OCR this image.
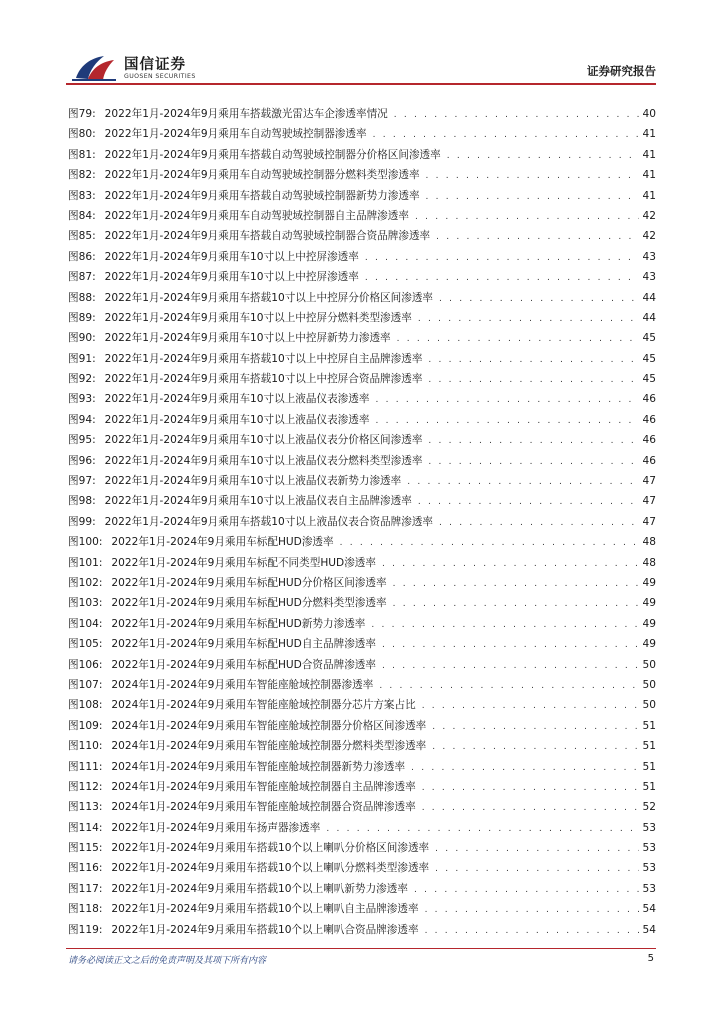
国信证券
GUOSEN SECURITIES	证券研究报告
图79: 2022年1月-2024年9月乘用车搭载激光雷达车企渗透率情况 . . .	40
图80: 2022年1月-2024年9月乘用车自动驾驶域控制器渗透率 . . .	41
图81: 2022年1月-2024年9月乘用车搭载自动驾驶域控制器分价格区间渗透率 . . .	41
图82: 2022年1月-2024年9月乘用车自动驾驶域控制器分燃料类型渗透率 . . .	41
图83: 2022年1月-2024年9月乘用车搭载自动驾驶域控制器新势力渗透率 . . .	41
图84: 2022年1月-2024年9月乘用车自动驾驶域控制器自主品牌渗透率 . . .	42
图85: 2022年1月-2024年9月乘用车搭载自动驾驶域控制器合资品牌渗透率 . . .	42
图86: 2022年1月-2024年9月乘用车10寸以上中控屏渗透率 . . .	43
图87: 2022年1月-2024年9月乘用车10寸以上中控屏渗透率 . . .	43
图88: 2022年1月-2024年9月乘用车搭载10寸以上中控屏分价格区间渗透率 . . .	44
图89: 2022年1月-2024年9月乘用车10寸以上中控屏分燃料类型渗透率 . . .	44
图90: 2022年1月-2024年9月乘用车10寸以上中控屏新势力渗透率 . . .	45
图91: 2022年1月-2024年9月乘用车搭载10寸以上中控屏自主品牌渗透率 . . .	45
图92: 2022年1月-2024年9月乘用车搭载10寸以上中控屏合资品牌渗透率 . . .	45
图93: 2022年1月-2024年9月乘用车10寸以上液晶仪表渗透率 . . .	46
图94: 2022年1月-2024年9月乘用车10寸以上液晶仪表渗透率 . . .	46
图95: 2022年1月-2024年9月乘用车10寸以上液晶仪表分价格区间渗透率 . . .	46
图96: 2022年1月-2024年9月乘用车10寸以上液晶仪表分燃料类型渗透率 . . .	46
图97: 2022年1月-2024年9月乘用车10寸以上液晶仪表新势力渗透率 . . .	47
图98: 2022年1月-2024年9月乘用车10寸以上液晶仪表自主品牌渗透率 . . .	47
图99: 2022年1月-2024年9月乘用车搭载10寸以上液晶仪表合资品牌渗透率 . . .	47
图100: 2022年1月-2024年9月乘用车标配HUD渗透率 . . .	48
图101: 2022年1月-2024年9月乘用车标配不同类型HUD渗透率 . . .	48
图102: 2022年1月-2024年9月乘用车标配HUD分价格区间渗透率 . . .	49
图103: 2022年1月-2024年9月乘用车标配HUD分燃料类型渗透率 . . .	49
图104: 2022年1月-2024年9月乘用车标配HUD新势力渗透率 . . .	49
图105: 2022年1月-2024年9月乘用车标配HUD自主品牌渗透率 . . .	49
图106: 2022年1月-2024年9月乘用车标配HUD合资品牌渗透率 . . .	50
图107: 2024年1月-2024年9月乘用车智能座舱域控制器渗透率 . . .	50
图108: 2024年1月-2024年9月乘用车智能座舱域控制器分芯片方案占比 . . .	50
图109: 2024年1月-2024年9月乘用车智能座舱域控制器分价格区间渗透率 . . .	51
图110: 2024年1月-2024年9月乘用车智能座舱域控制器分燃料类型渗透率 . . .	51
图111: 2024年1月-2024年9月乘用车智能座舱域控制器新势力渗透率 . . .	51
图112: 2024年1月-2024年9月乘用车智能座舱域控制器自主品牌渗透率 . . .	51
图113: 2024年1月-2024年9月乘用车智能座舱域控制器合资品牌渗透率 . . .	52
图114: 2022年1月-2024年9月乘用车扬声器渗透率 . . .	53
图115: 2022年1月-2024年9月乘用车搭载10个以上喇叭分价格区间渗透率 . . .	53
图116: 2022年1月-2024年9月乘用车搭载10个以上喇叭分燃料类型渗透率 . . .	53
图117: 2022年1月-2024年9月乘用车搭载10个以上喇叭新势力渗透率 . . .	53
图118: 2022年1月-2024年9月乘用车搭载10个以上喇叭自主品牌渗透率 . . .	54
图119: 2022年1月-2024年9月乘用车搭载10个以上喇叭合资品牌渗透率 . . .	54
请务必阅读正文之后的免责声明及其项下所有内容	5
